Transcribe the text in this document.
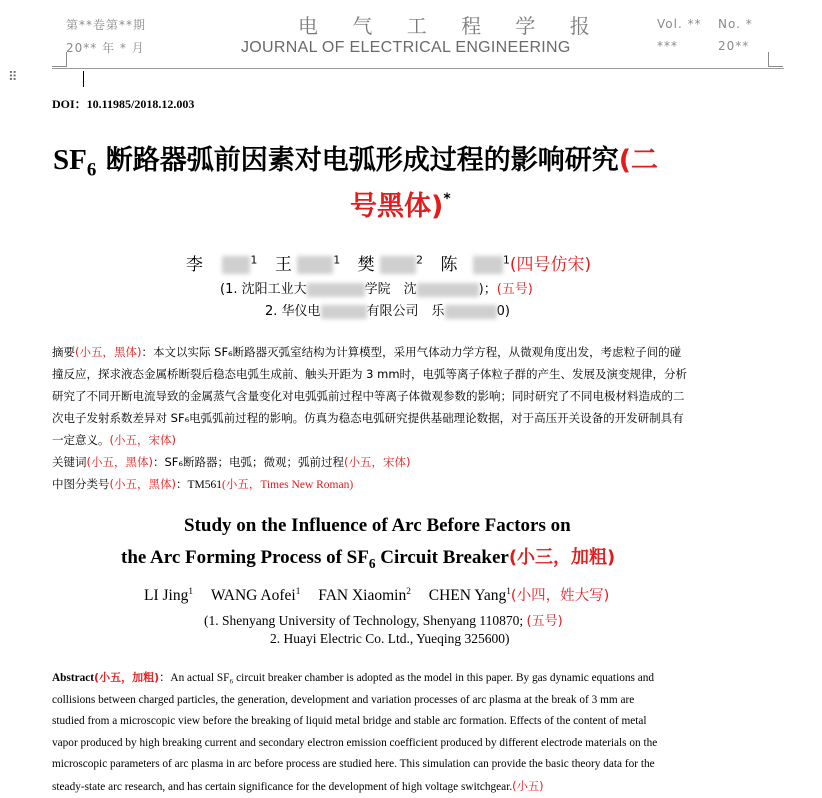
第**卷第**期
20** 年 * 月
电 气 工 程 学 报
JOURNAL OF ELECTRICAL ENGINEERING
Vol. ** No. *
***	20**
⠿
DOI：10.11985/2018.12.003
$SF_6$ 断路器弧前因素对电弧形成过程的影响研究(二
号黑体)*
李	$^1$ 王	$^1$ 樊	$^2$ 陈	$^1$(四号仿宋)
(1. 沈阳工业大	学院　沈	)；(五号)
2. 华仪电	有限公司　乐	0)
摘要(小五，黑体)：本文以实际 SF₆断路器灭弧室结构为计算模型，采用气体动力学方程，从微观角度出发，考虑粒子间的碰
撞反应，探求液态金属桥断裂后稳态电弧生成前、触头开距为 3 mm时，电弧等离子体粒子群的产生、发展及演变规律，分析
研究了不同开断电流导致的金属蒸气含量变化对电弧弧前过程中等离子体微观参数的影响；同时研究了不同电极材料造成的二
次电子发射系数差异对 SF₆电弧弧前过程的影响。仿真为稳态电弧研究提供基础理论数据，对于高压开关设备的开发研制具有
一定意义。(小五，宋体)
关键词(小五，黑体)：SF₆断路器；电弧；微观；弧前过程(小五，宋体)
中图分类号(小五，黑体)：TM561(小五，Times New Roman)
Study on the Influence of Arc Before Factors on
the Arc Forming Process of $SF_6$ Circuit Breaker(小三，加粗)
LI Jing$^1$ WANG Aofei$^1$ FAN Xiaomin$^2$ CHEN Yang$^1$(小四，姓大写)
(1. Shenyang University of Technology, Shenyang 110870; (五号)
2. Huayi Electric Co. Ltd., Yueqing 325600)
Abstract(小五，加粗)：An actual SF₆ circuit breaker chamber is adopted as the model in this paper. By gas dynamic equations and
collisions between charged particles, the generation, development and variation processes of arc plasma at the break of 3 mm are
studied from a microscopic view before the breaking of liquid metal bridge and stable arc formation. Effects of the content of metal
vapor produced by high breaking current and secondary electron emission coefficient produced by different electrode materials on the
microscopic parameters of arc plasma in arc before process are studied here. This simulation can provide the basic theory data for the
steady-state arc research, and has certain significance for the development of high voltage switchgear.(小五)
